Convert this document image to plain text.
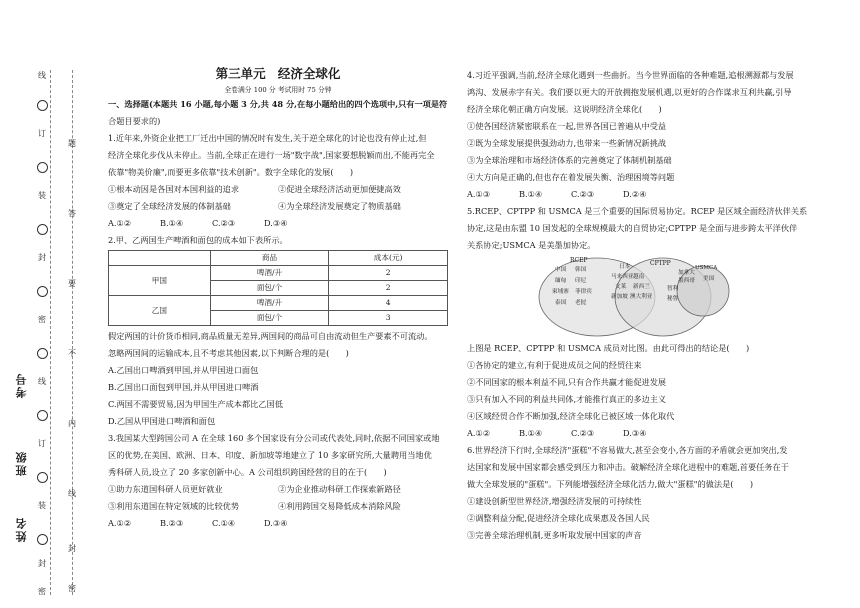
线
订
装
封
密
线
订
装
封
密
题
答
要
不
内
线
封
密
考号
班级
姓名

第三单元 经济全球化

全卷满分 100 分 考试用时 75 分钟

一、选择题(本题共 16 小题,每小题 3 分,共 48 分,在每小题给出的四个选项中,只有一项是符

合题目要求的)

1.近年来,外资企业把工厂迁出中国的情况时有发生,关于逆全球化的讨论也没有停止过,但

经济全球化步伐从未停止。当前,全球正在进行一场"数字战",国家要想脱颖而出,不能再完全

依靠"物美价廉",而要更多依靠"技术创新"。数字全球化的发展(　　)

①根本动因是各国对本国利益的追求	②促进全球经济活动更加便捷高效

③奠定了全球经济发展的体制基础	④为全球经济发展奠定了物质基础

A.①②	B.①④	C.②③	D.③④

2.甲、乙两国生产啤酒和面包的成本如下表所示。

	商品	成本(元)
甲国	啤酒/升	2
	面包/个	2
乙国	啤酒/升	4
	面包/个	3

假定两国的计价货币相同,商品质量无差异,两国间的商品可自由流动但生产要素不可流动。

忽略两国间的运输成本,且不考虑其他因素,以下判断合理的是(　　)

A.乙国出口啤酒到甲国,并从甲国进口面包

B.乙国出口面包到甲国,并从甲国进口啤酒

C.两国不需要贸易,因为甲国生产成本都比乙国低

D.乙国从甲国进口啤酒和面包

3.我国某大型跨国公司 A 在全球 160 多个国家设有分公司或代表处,同时,依据不同国家或地

区的优势,在美国、欧洲、日本、印度、新加坡等地建立了 10 多家研究所,大量聘用当地优

秀科研人员,设立了 20 多家创新中心。A 公司组织跨国经营的目的在于(　　)

①助力东道国科研人员更好就业	②为企业推动科研工作探索新路径

③利用东道国在特定领域的比较优势	④利用跨国交易降低成本消除风险

A.①②	B.②③	C.①④	D.③④

4.习近平强调,当前,经济全球化遇到一些曲折。当今世界面临的各种难题,追根溯源都与发展

鸿沟、发展赤字有关。我们要以更大的开放拥抱发展机遇,以更好的合作谋求互利共赢,引导

经济全球化朝正确方向发展。这说明经济全球化(　　)

①使各国经济紧密联系在一起,世界各国已普遍从中受益

②既为全球发展提供强劲动力,也带来一些新情况新挑战

③为全球治理和市场经济体系的完善奠定了体制机制基础

④大方向是正确的,但也存在着发展失衡、治理困境等问题

A.①③	B.①④	C.②③	D.②④

5.RCEP、CPTPP 和 USMCA 是三个重要的国际贸易协定。RCEP 是区域全面经济伙伴关系

协定,这是由东盟 10 国发起的全球规模最大的自贸协定;CPTPP 是全面与进步跨太平洋伙伴

关系协定;USMCA 是美墨加协定。

RCEP	CPTPP
USMCA
中国 韩国
缅甸 印尼
柬埔寨 菲律宾
泰国 老挝
日本
马来西亚 越南
文莱 新西兰
新加坡 澳大利亚
智利
秘鲁
加拿大
墨西哥 美国

上图是 RCEP、CPTPP 和 USMCA 成员对比图。由此可得出的结论是(　　)

①各协定的建立,有利于促进成员之间的经贸往来

②不同国家的根本利益不同,只有合作共赢才能促进发展

③只有加入不同的利益共同体,才能推行真正的多边主义

④区域经贸合作不断加强,经济全球化已被区域一体化取代

A.①②	B.①④	C.②③	D.③④

6.世界经济下行时,全球经济"蛋糕"不容易做大,甚至会变小,各方面的矛盾就会更加突出,发

达国家和发展中国家都会感受到压力和冲击。破解经济全球化进程中的难题,首要任务在于

做大全球发展的"蛋糕"。下列能增强经济全球化活力,做大"蛋糕"的做法是(　　)

①建设创新型世界经济,增强经济发展的可持续性

②调整利益分配,促进经济全球化成果惠及各国人民

③完善全球治理机制,更多听取发展中国家的声音
